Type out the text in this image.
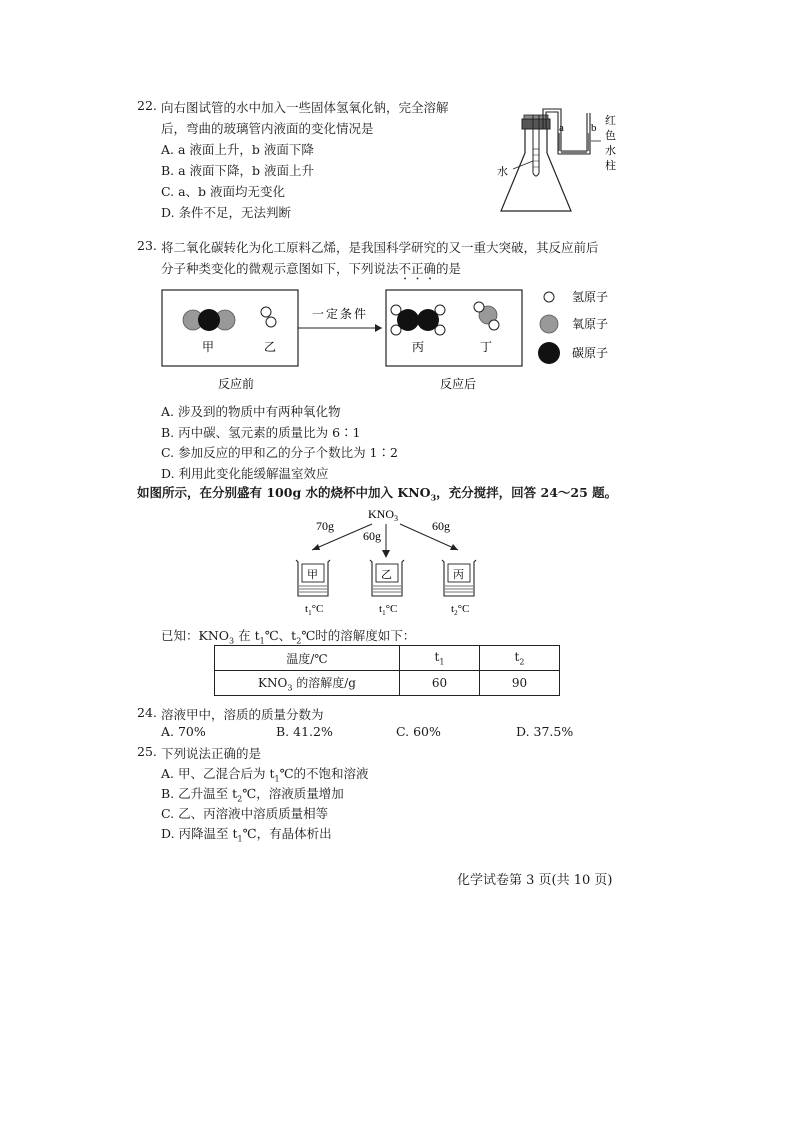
22. 向右图试管的水中加入一些固体氢氧化钠，完全溶解
后，弯曲的玻璃管内液面的变化情况是
A. a 液面上升，b 液面下降
B. a 液面下降，b 液面上升
C. a、b 液面均无变化
D. 条件不足，无法判断
a b
水
红
色
水
柱
23. 将二氧化碳转化为化工原料乙烯，是我国科学研究的又一重大突破，其反应前后
分子种类变化的微观示意图如下，下列说法不正确的是
甲	乙
一定条件
丙	丁
氢原子
氧原子
碳原子
反应前	反应后
A. 涉及到的物质中有两种氧化物
B. 丙中碳、氢元素的质量比为 6∶1
C. 参加反应的甲和乙的分子个数比为 1∶2
D. 利用此变化能缓解温室效应
如图所示，在分别盛有 100g 水的烧杯中加入 $KNO_3$，充分搅拌，回答 24～25 题。
$KNO_3$
70g
60g
60g
甲
$t_1^\circ C$
乙
$t_1^\circ C$
丙
$t_2^\circ C$
已知：$KNO_3$ 在 $t_1℃$、$t_2℃$时的溶解度如下：
温度/℃	$t_1$	$t_2$
$KNO_3$ 的溶解度/g	60	90
24. 溶液甲中，溶质的质量分数为
A. 70%	B. 41.2%	C. 60%	D. 37.5%
25. 下列说法正确的是
A. 甲、乙混合后为 $t_1℃$的不饱和溶液
B. 乙升温至 $t_2℃$，溶液质量增加
C. 乙、丙溶液中溶质质量相等
D. 丙降温至 $t_1℃$，有晶体析出
化学试卷第 3 页(共 10 页)
